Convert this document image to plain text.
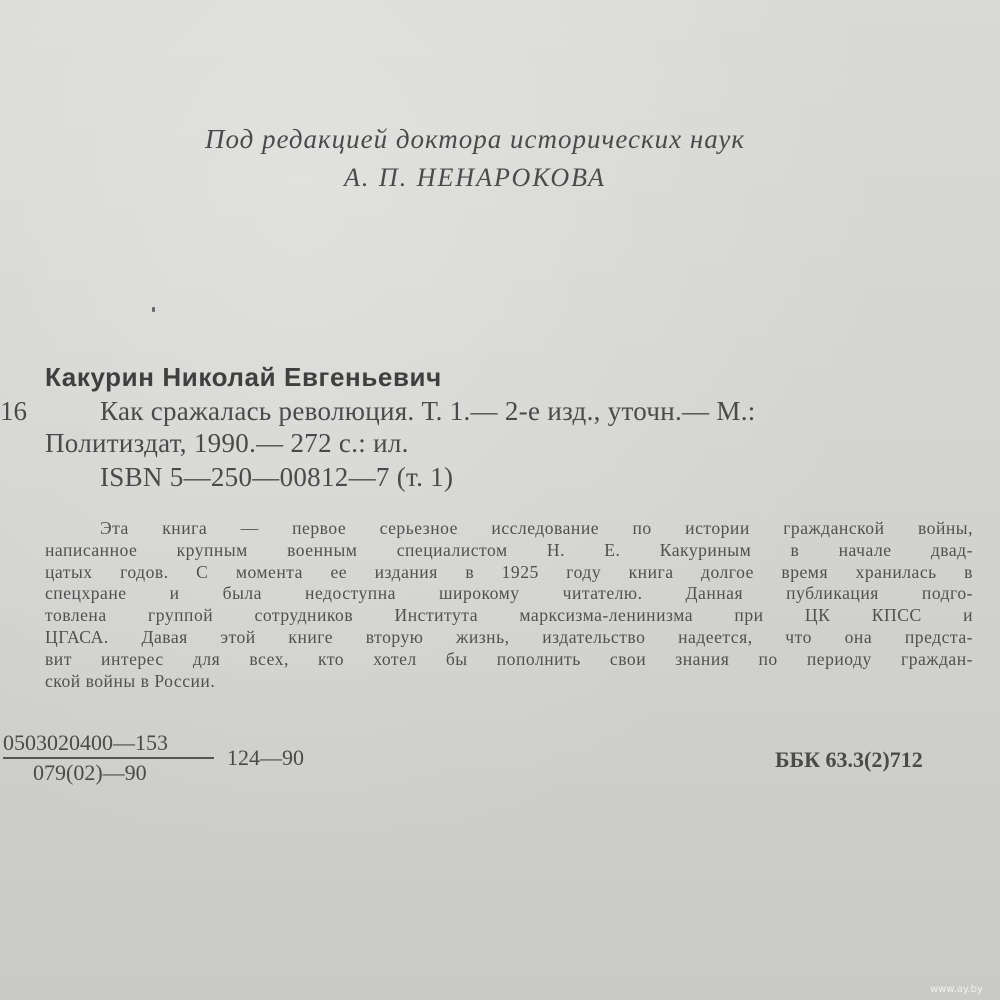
Под редакцией доктора исторических наук
А. П. НЕНАРОКОВА
Какурин Николай Евгеньевич
16	Как сражалась революция. Т. 1.— 2-е изд., уточн.— М.:
Политиздат, 1990.— 272 с.: ил.
ISBN 5—250—00812—7 (т. 1)
Эта книга — первое серьезное исследование по истории гражданской войны,
написанное крупным военным специалистом Н. Е. Какуриным в начале двад-
цатых годов. С момента ее издания в 1925 году книга долгое время хранилась в
спецхране и была недоступна широкому читателю. Данная публикация подго-
товлена группой сотрудников Института марксизма-ленинизма при ЦК КПСС и
ЦГАСА. Давая этой книге вторую жизнь, издательство надеется, что она предста-
вит интерес для всех, кто хотел бы пополнить свои знания по периоду граждан-
ской войны в России.
$\frac{0503020400—153}{079(02)—90}$ 124—90	ББК 63.3(2)712
www.ay.by
